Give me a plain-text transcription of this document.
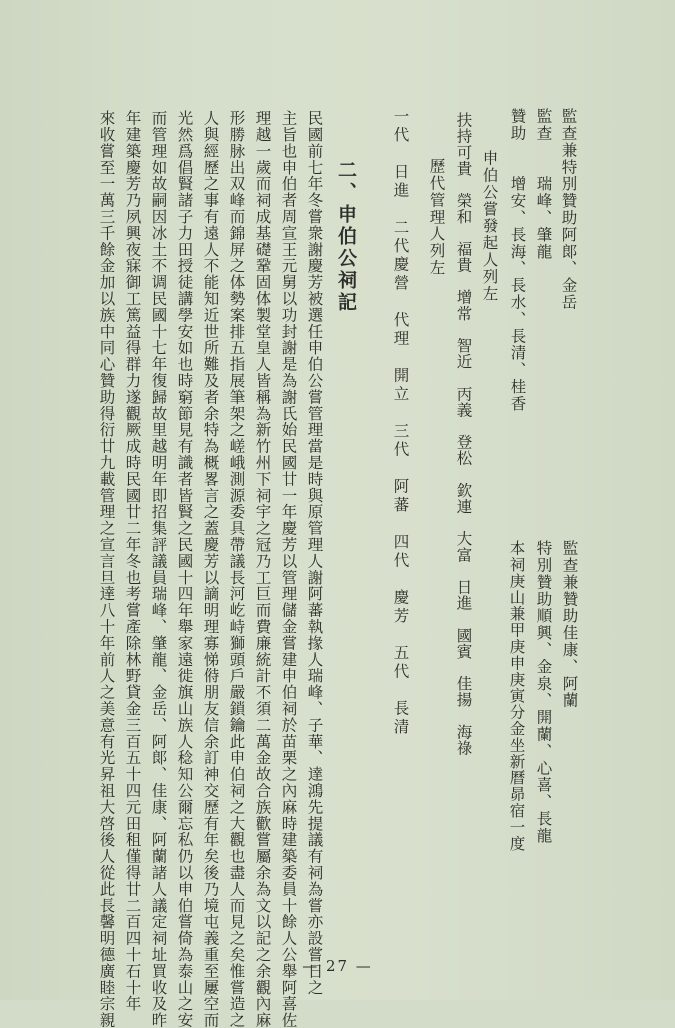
監查兼特別贊助阿郞、金岳
監查　　瑞峰、肇龍
贊助　　增安、長海、長水、長清、桂香
申伯公嘗發起人列左
扶持可貴　榮和　福貴　增常　智近　丙義　登松　欽連　大富　日進　國賓　佳揚　海祿
歷代管理人列左
一代　日進　二代慶營　代理　開立　三代　阿蕃　四代　慶芳　五代　長清	監查兼贊助佳康、阿蘭
特別贊助順興、金泉、開蘭、心喜、長龍
本祠庚山兼甲庚申庚寅分金坐新曆昴宿一度
二、申伯公祠記
民國前七年冬嘗衆謝慶芳被選任申伯公嘗管理當是時與原管理人謝阿蕃執掾人瑞峰、子華、達鴻先提議有祠為嘗亦設嘗日之
主旨也申伯者周宣王元舅以功封謝是為謝氏始民國廿一年慶芳以管理儲金嘗建申伯祠於苗栗之內麻時建築委員十餘人公舉阿喜佐
理越一歲而祠成基礎鞏固体製堂皇人皆稱為新竹州下祠宇之冠乃工巨而費廉統計不須二萬金故合族歡嘗屬余為文以記之余觀內麻
形勝脉出双峰而錦屏之体勢案排五指展筆架之嵯峨測源委具帶議長河屹峙獅頭戶嚴鎖鑰此申伯祠之大觀也盡人而見之矣惟嘗造之
人與經歷之事有遠人不能知近世所難及者余特為概畧言之蓋慶芳以謫明理寡悌偫朋友信余訂神交歷有年矣後乃境屯義重至屢空而
光然爲倡賢諸子力田授徒講學安如也時窮節見有識者皆賢之民國十四年舉家遠徙旗山族人稔知公爾忘私仍以申伯嘗倚為泰山之安
而管理如故嗣因冰土不调民國十七年復歸故里越明年即招集評議員瑞峰、肇龍、金岳、阿郞、佳康、阿蘭諸人議定祠址買收及昨
年建築慶芳乃夙興夜寐御工篤益得群力遂觀厥成時民國廿二年冬也考嘗產除林野貸金三百五十四元田租僅得廿二百四十石十年
來收嘗至一萬三千餘金加以族中同心贊助得衍廿九載管理之宣言旦達八十年前人之美意有光昇祖大啓後人從此長馨明德廣睦宗親	— 27 —
